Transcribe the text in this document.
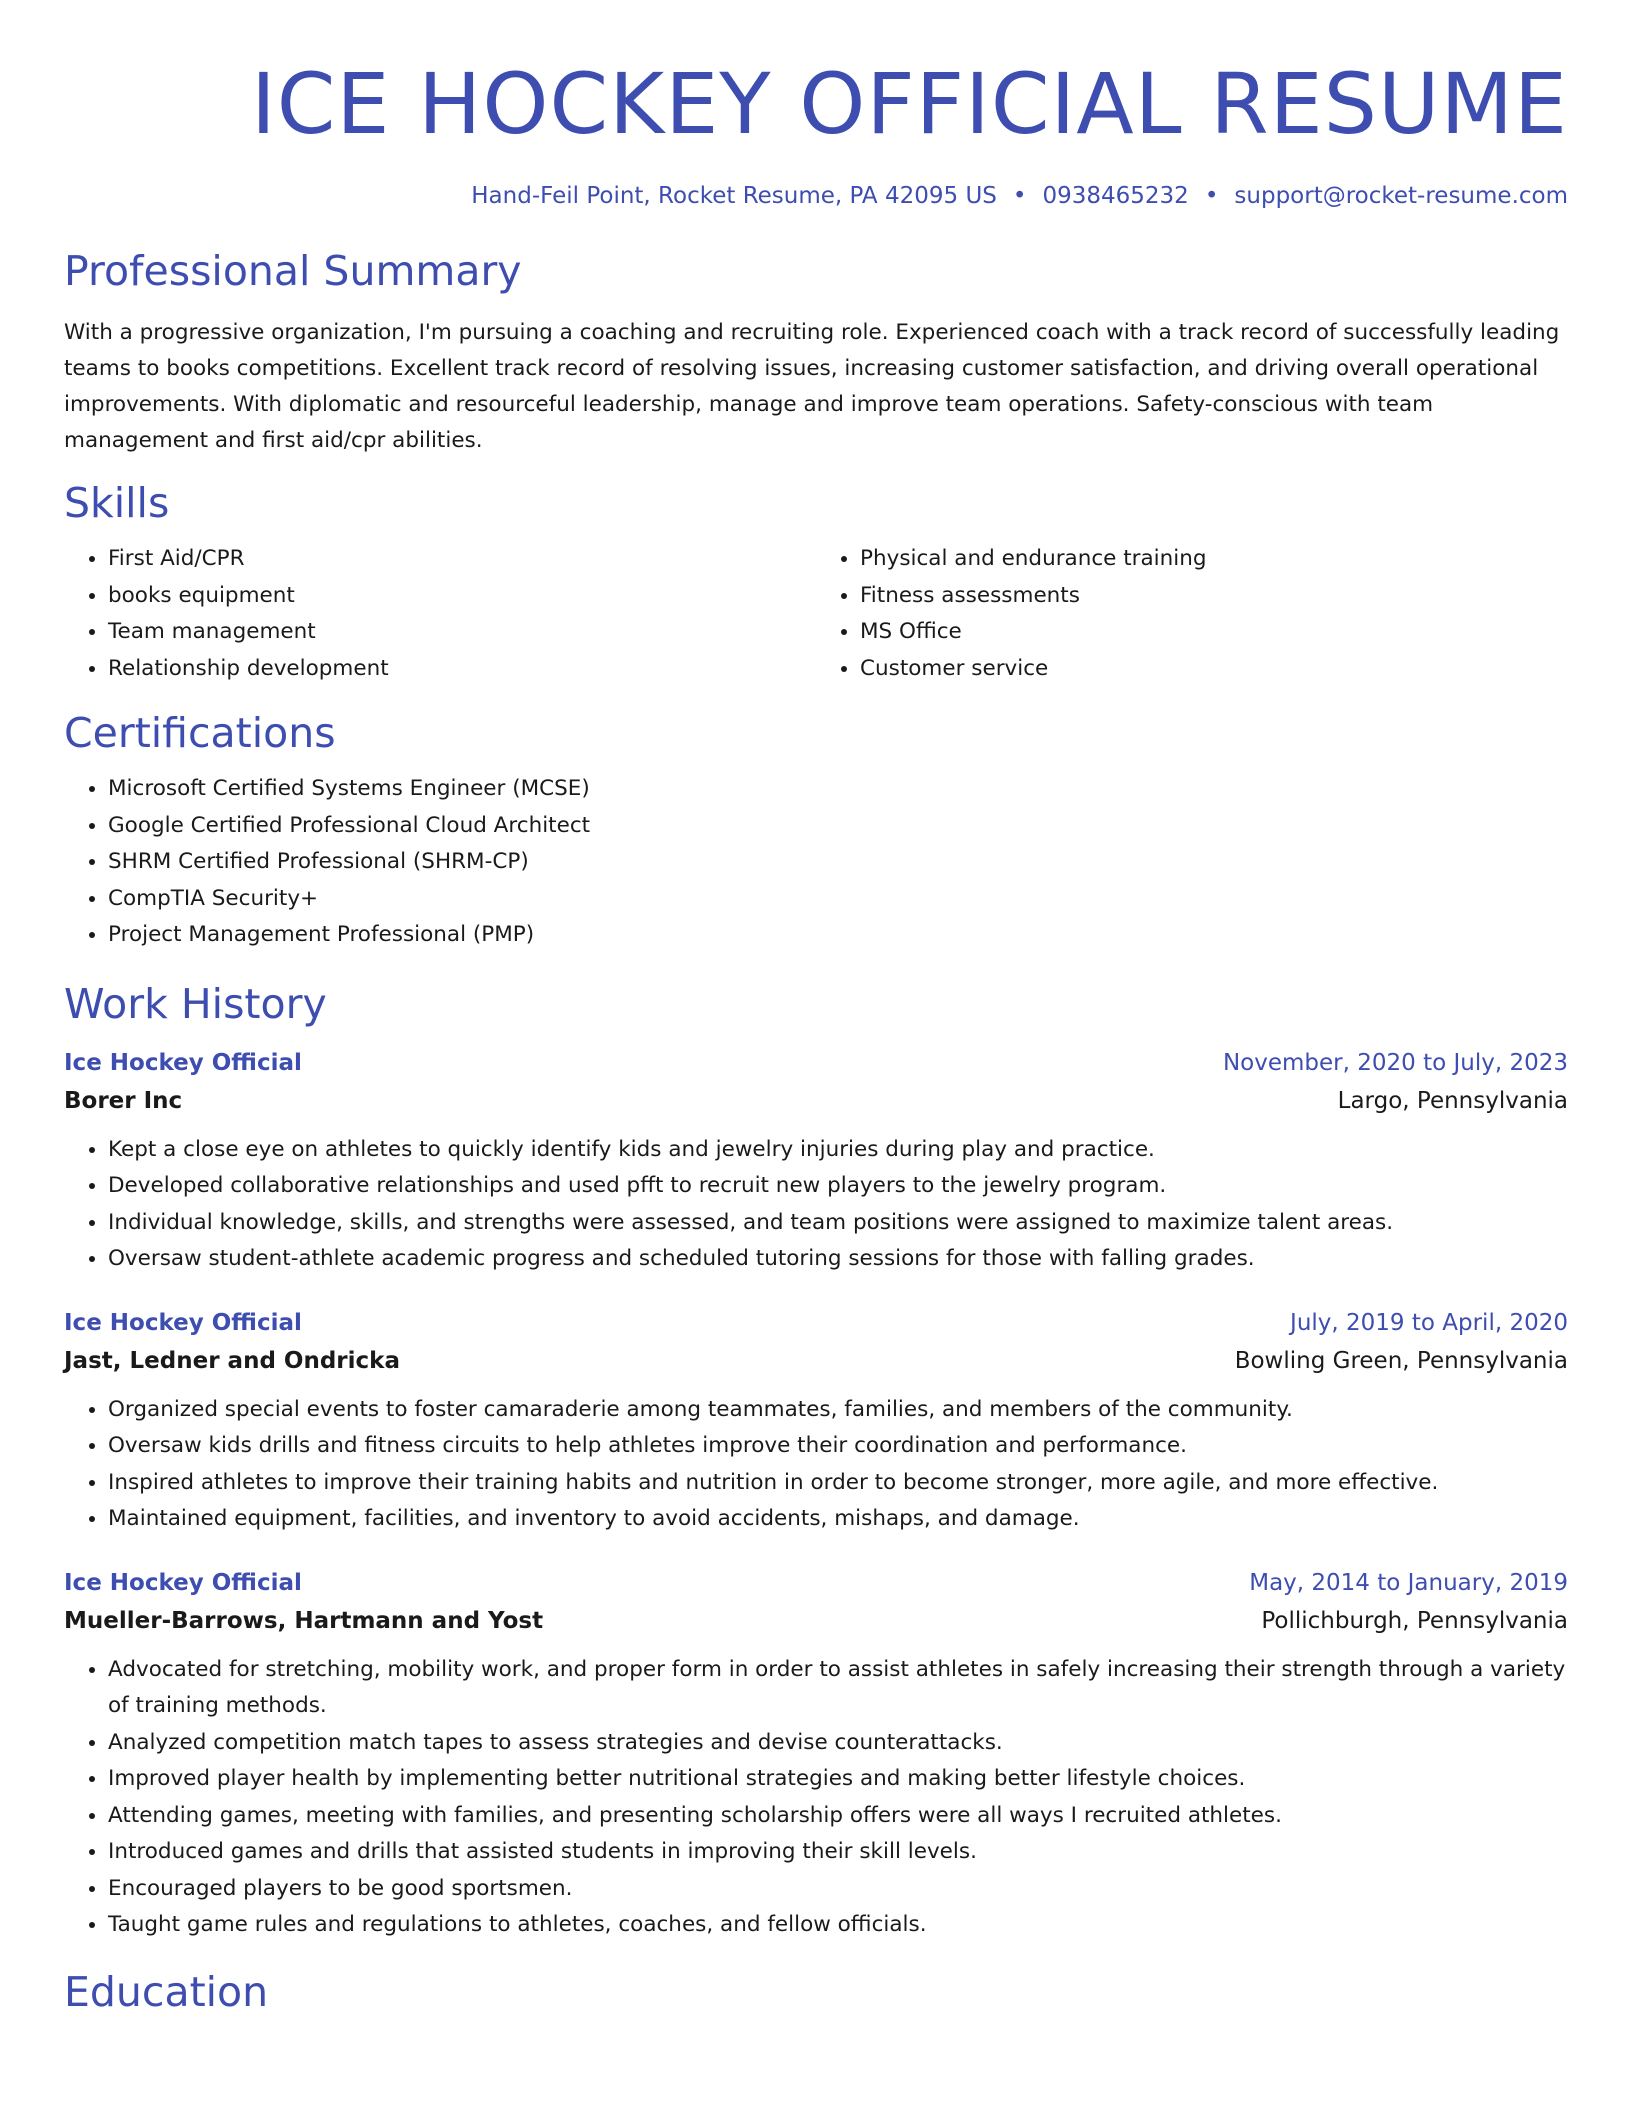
ICE HOCKEY OFFICIAL RESUME
Hand-Feil Point, Rocket Resume, PA 42095 US • 0938465232 • support@rocket-resume.com
Professional Summary

With a progressive organization, I'm pursuing a coaching and recruiting role. Experienced coach with a track record of successfully leading teams to books competitions. Excellent track record of resolving issues, increasing customer satisfaction, and driving overall operational improvements. With diplomatic and resourceful leadership, manage and improve team operations. Safety-conscious with team management and first aid/cpr abilities.

Skills
• First Aid/CPR
• books equipment
• Team management
• Relationship development
• Physical and endurance training
• Fitness assessments
• MS Office
• Customer service
Certifications
• Microsoft Certified Systems Engineer (MCSE)
• Google Certified Professional Cloud Architect
• SHRM Certified Professional (SHRM-CP)
• CompTIA Security+
• Project Management Professional (PMP)
Work History
Ice Hockey Official	November, 2020 to July, 2023
Borer Inc	Largo, Pennsylvania
• Kept a close eye on athletes to quickly identify kids and jewelry injuries during play and practice.
• Developed collaborative relationships and used pfft to recruit new players to the jewelry program.
• Individual knowledge, skills, and strengths were assessed, and team positions were assigned to maximize talent areas.
• Oversaw student-athlete academic progress and scheduled tutoring sessions for those with falling grades.
Ice Hockey Official	July, 2019 to April, 2020
Jast, Ledner and Ondricka	Bowling Green, Pennsylvania
• Organized special events to foster camaraderie among teammates, families, and members of the community.
• Oversaw kids drills and fitness circuits to help athletes improve their coordination and performance.
• Inspired athletes to improve their training habits and nutrition in order to become stronger, more agile, and more effective.
• Maintained equipment, facilities, and inventory to avoid accidents, mishaps, and damage.
Ice Hockey Official	May, 2014 to January, 2019
Mueller-Barrows, Hartmann and Yost	Pollichburgh, Pennsylvania
• Advocated for stretching, mobility work, and proper form in order to assist athletes in safely increasing their strength through a variety of training methods.
• Analyzed competition match tapes to assess strategies and devise counterattacks.
• Improved player health by implementing better nutritional strategies and making better lifestyle choices.
• Attending games, meeting with families, and presenting scholarship offers were all ways I recruited athletes.
• Introduced games and drills that assisted students in improving their skill levels.
• Encouraged players to be good sportsmen.
• Taught game rules and regulations to athletes, coaches, and fellow officials.
Education
